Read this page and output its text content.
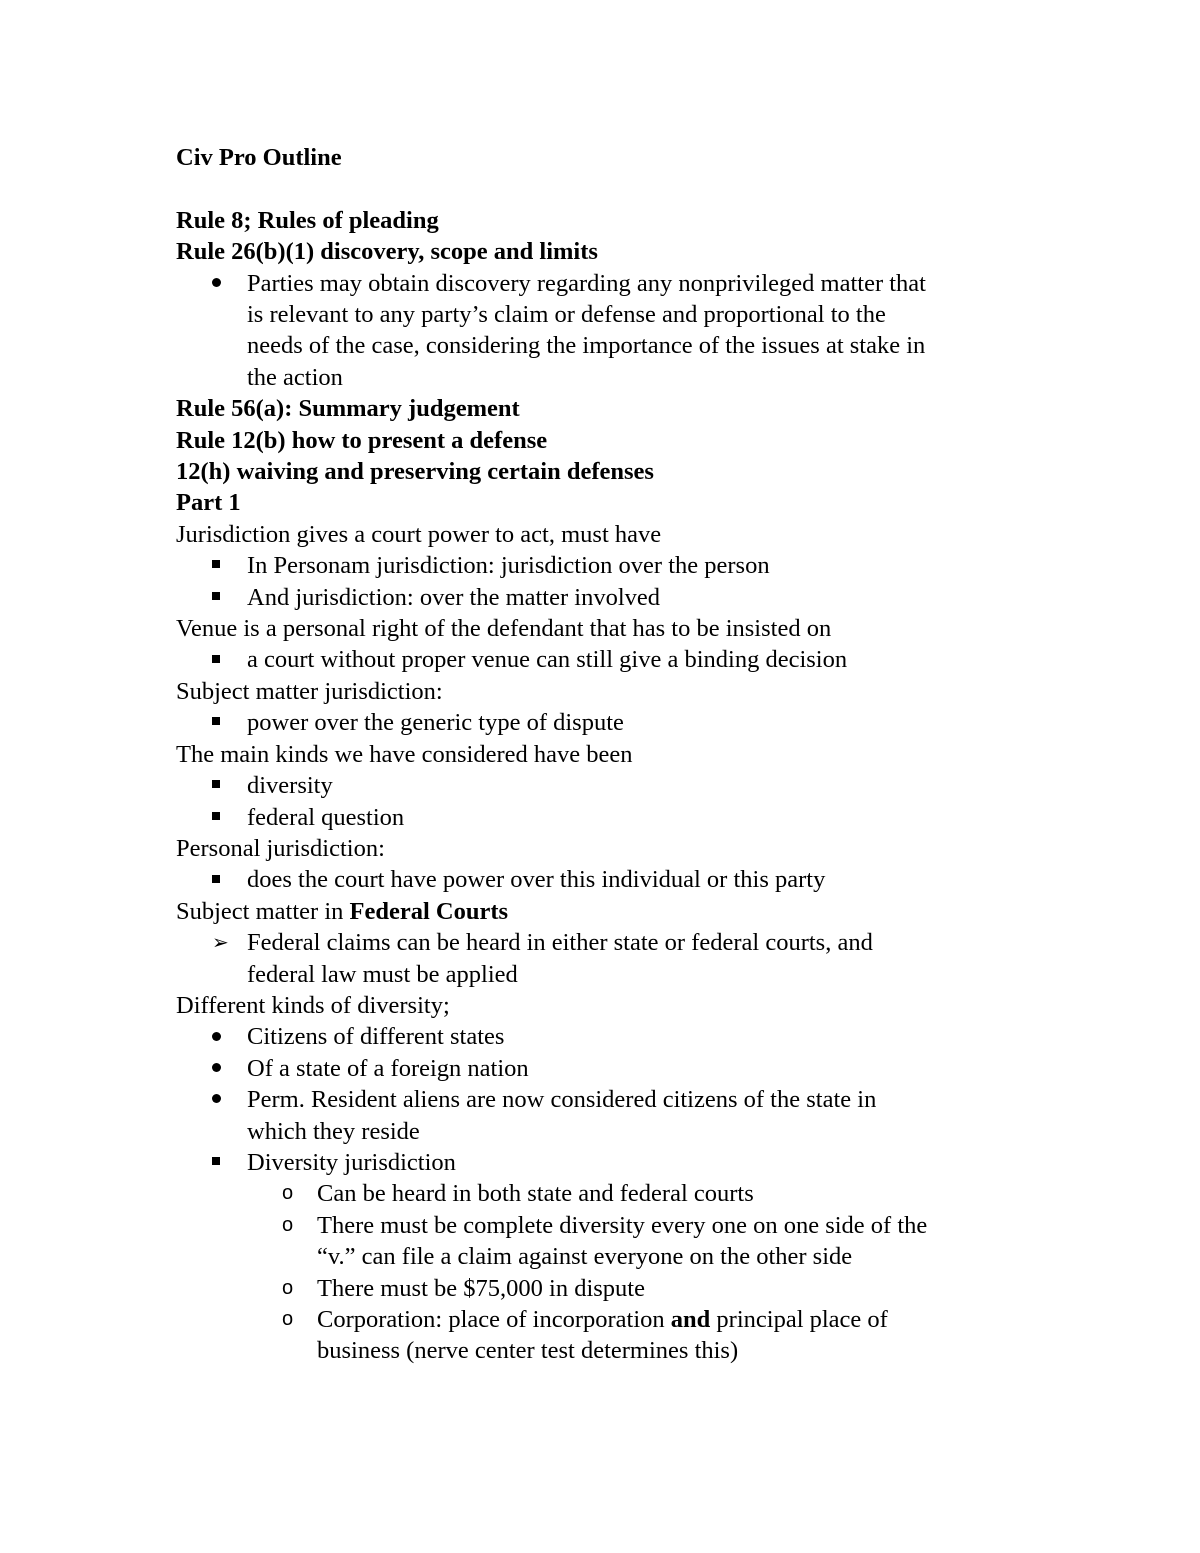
Civ Pro Outline
Rule 8; Rules of pleading
Rule 26(b)(1) discovery, scope and limits
Parties may obtain discovery regarding any nonprivileged matter that
is relevant to any party’s claim or defense and proportional to the
needs of the case, considering the importance of the issues at stake in
the action
Rule 56(a): Summary judgement
Rule 12(b) how to present a defense
12(h) waiving and preserving certain defenses
Part 1
Jurisdiction gives a court power to act, must have
In Personam jurisdiction: jurisdiction over the person
And jurisdiction: over the matter involved
Venue is a personal right of the defendant that has to be insisted on
a court without proper venue can still give a binding decision
Subject matter jurisdiction:
power over the generic type of dispute
The main kinds we have considered have been
diversity
federal question
Personal jurisdiction:
does the court have power over this individual or this party
Subject matter in Federal Courts
➢ Federal claims can be heard in either state or federal courts, and
federal law must be applied
Different kinds of diversity;
Citizens of different states
Of a state of a foreign nation
Perm. Resident aliens are now considered citizens of the state in
which they reside
Diversity jurisdiction
o Can be heard in both state and federal courts
o There must be complete diversity every one on one side of the
“v.” can file a claim against everyone on the other side
o There must be $75,000 in dispute
o Corporation: place of incorporation and principal place of
business (nerve center test determines this)
